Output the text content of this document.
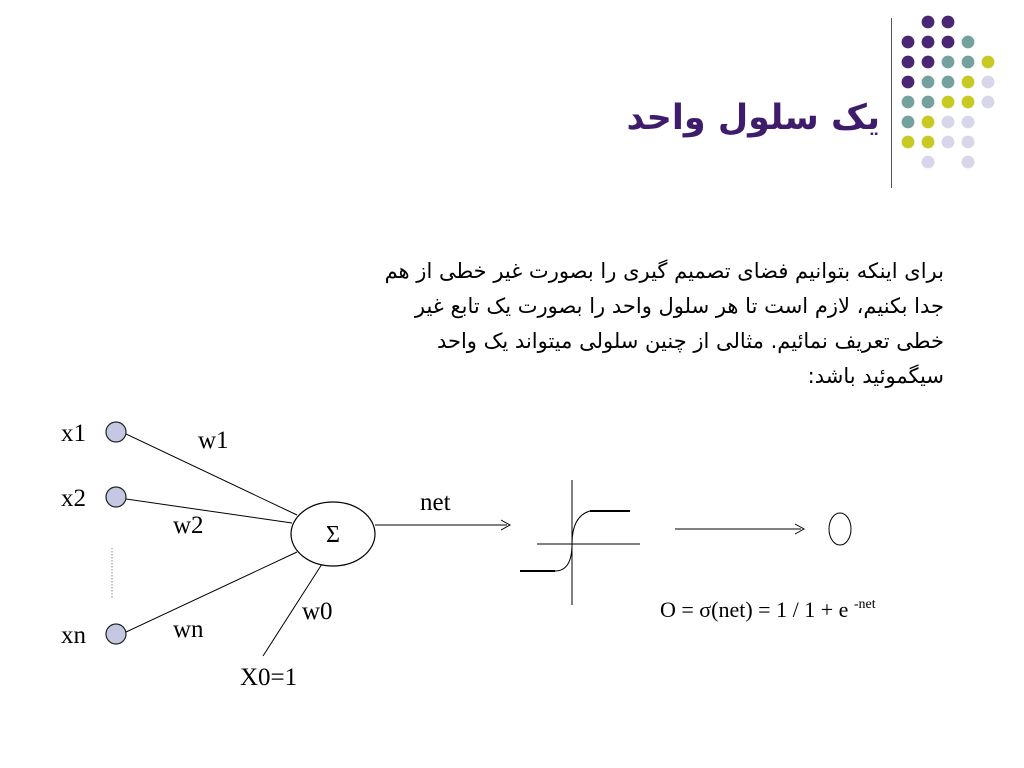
یک سلول واحد
برای اینکه بتوانیم فضای تصمیم گیری را بصورت غیر خطی از هم
جدا بکنیم، لازم است تا هر سلول واحد را بصورت یک تابع غیر
خطی تعریف نمائیم. مثالی از چنین سلولی میتواند یک واحد
سیگموئید باشد:
Σ
x1
x2
xn
w1
w2
wn
w0
X0=1
net
O = σ(net) = 1 / 1 + e $^{-net}$
